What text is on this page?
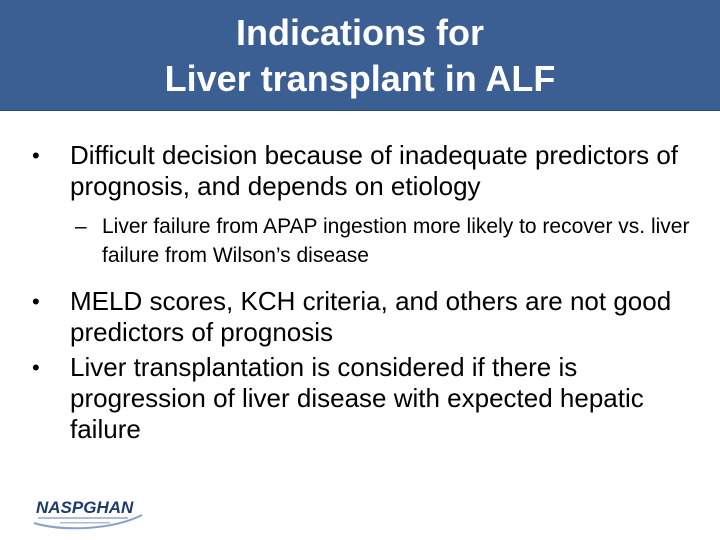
Indications for
Liver transplant in ALF
• Difficult decision because of inadequate predictors of prognosis, and depends on etiology
– Liver failure from APAP ingestion more likely to recover vs. liver failure from Wilson’s disease
• MELD scores, KCH criteria, and others are not good predictors of prognosis
• Liver transplantation is considered if there is progression of liver disease with expected hepatic failure
NASPGHAN
